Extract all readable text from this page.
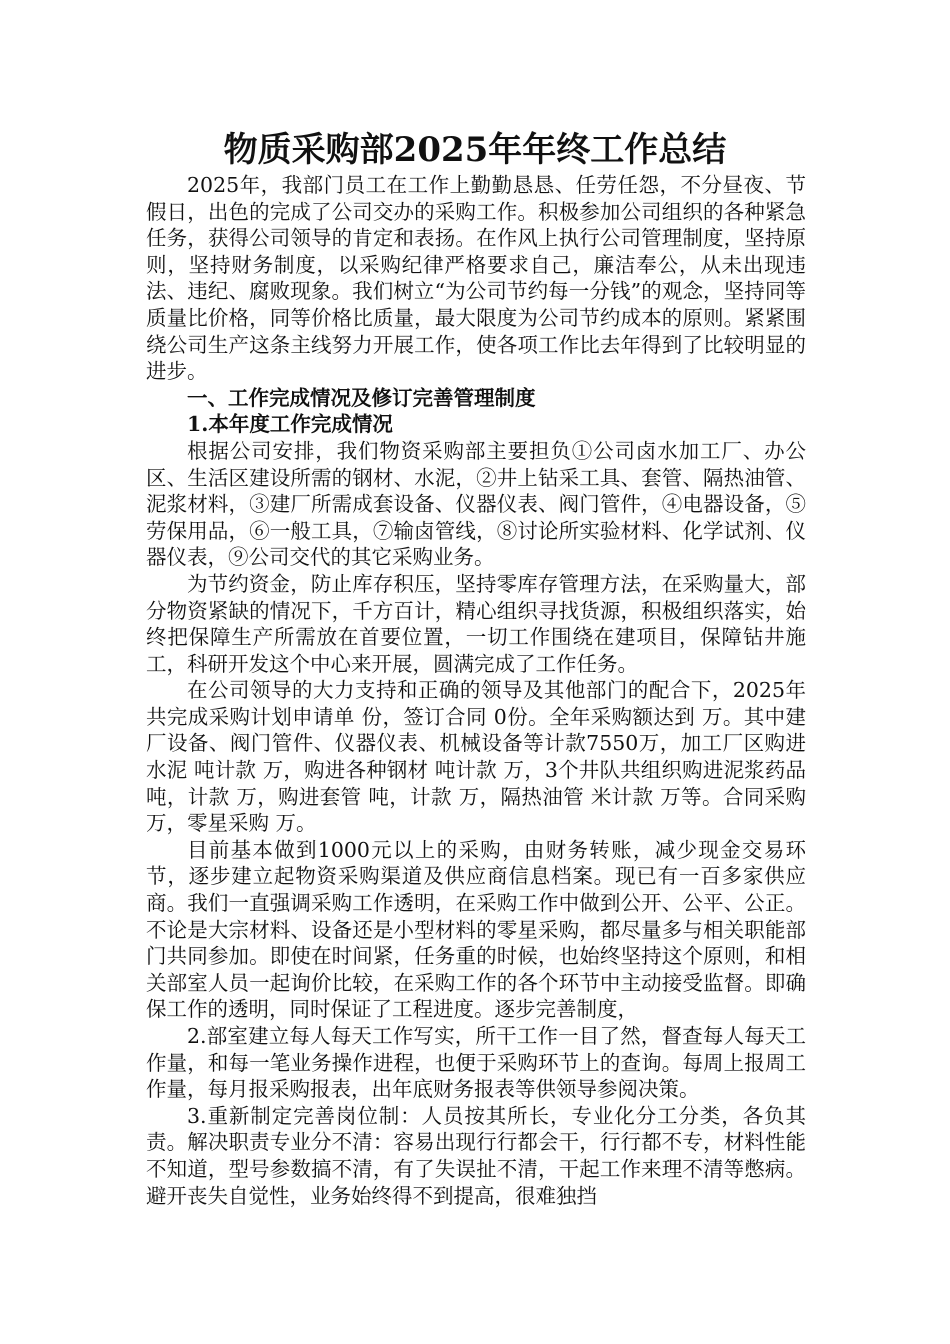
物质采购部2025年年终工作总结

2025年，我部门员工在工作上勤勤恳恳、任劳任怨，不分昼夜、节假日，出色的完成了公司交办的采购工作。积极参加公司组织的各种紧急任务，获得公司领导的肯定和表扬。在作风上执行公司管理制度，坚持原则，坚持财务制度，以采购纪律严格要求自己，廉洁奉公，从未出现违法、违纪、腐败现象。我们树立“为公司节约每一分钱”的观念，坚持同等质量比价格，同等价格比质量，最大限度为公司节约成本的原则。紧紧围绕公司生产这条主线努力开展工作，使各项工作比去年得到了比较明显的进步。

一、工作完成情况及修订完善管理制度

1.本年度工作完成情况

根据公司安排，我们物资采购部主要担负①公司卤水加工厂、办公区、生活区建设所需的钢材、水泥，②井上钻采工具、套管、隔热油管、泥浆材料，③建厂所需成套设备、仪器仪表、阀门管件，④电器设备，⑤劳保用品，⑥一般工具，⑦输卤管线，⑧讨论所实验材料、化学试剂、仪器仪表，⑨公司交代的其它采购业务。

为节约资金，防止库存积压，坚持零库存管理方法，在采购量大，部分物资紧缺的情况下，千方百计，精心组织寻找货源，积极组织落实，始终把保障生产所需放在首要位置，一切工作围绕在建项目，保障钻井施工，科研开发这个中心来开展，圆满完成了工作任务。

在公司领导的大力支持和正确的领导及其他部门的配合下，2025年共完成采购计划申请单 份，签订合同 0份。全年采购额达到 万。其中建厂设备、阀门管件、仪器仪表、机械设备等计款7550万，加工厂区购进水泥 吨计款 万，购进各种钢材 吨计款 万，3个井队共组织购进泥浆药品 吨，计款 万，购进套管 吨，计款 万，隔热油管 米计款 万等。合同采购 万，零星采购 万。

目前基本做到1000元以上的采购，由财务转账，减少现金交易环节，逐步建立起物资采购渠道及供应商信息档案。现已有一百多家供应商。我们一直强调采购工作透明，在采购工作中做到公开、公平、公正。不论是大宗材料、设备还是小型材料的零星采购，都尽量多与相关职能部门共同参加。即使在时间紧，任务重的时候，也始终坚持这个原则，和相关部室人员一起询价比较，在采购工作的各个环节中主动接受监督。即确保工作的透明，同时保证了工程进度。逐步完善制度，

2.部室建立每人每天工作写实，所干工作一目了然，督查每人每天工作量，和每一笔业务操作进程，也便于采购环节上的查询。每周上报周工作量，每月报采购报表，出年底财务报表等供领导参阅决策。

3.重新制定完善岗位制：人员按其所长，专业化分工分类，各负其责。解决职责专业分不清：容易出现行行都会干，行行都不专，材料性能不知道，型号参数搞不清，有了失误扯不清，干起工作来理不清等憋病。避开丧失自觉性，业务始终得不到提高，很难独挡
